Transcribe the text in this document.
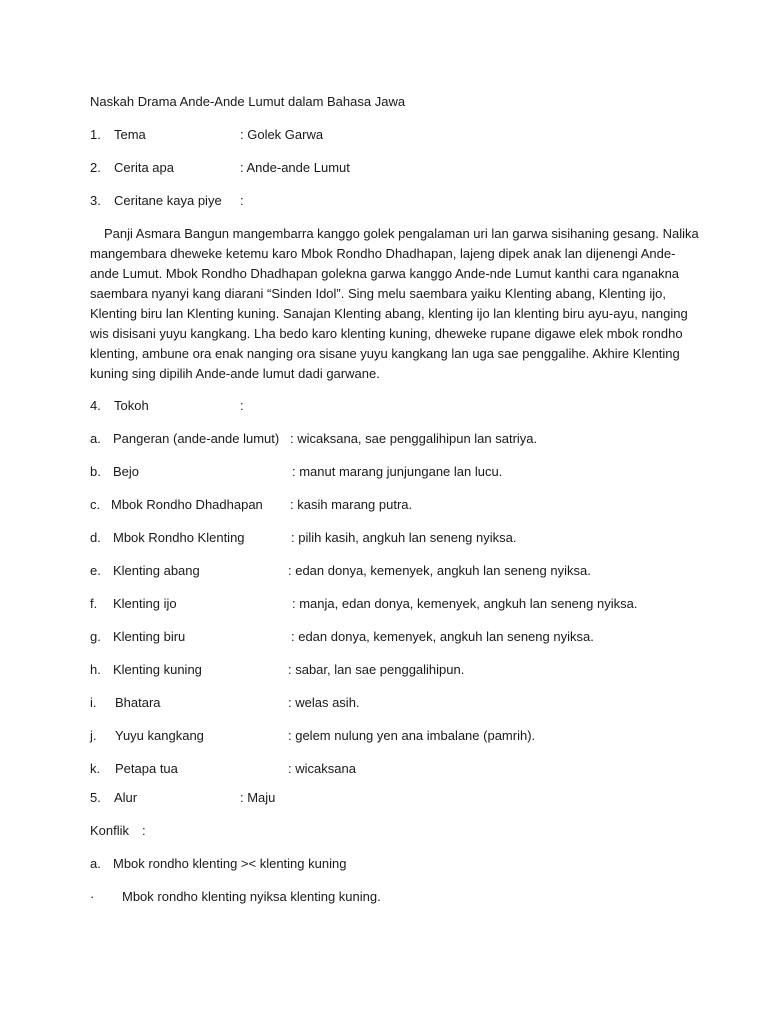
Naskah Drama Ande-Ande Lumut dalam Bahasa Jawa
1. Tema	: Golek Garwa
2. Cerita apa	: Ande-ande Lumut
3. Ceritane kaya piye :
Panji Asmara Bangun mangembarra kanggo golek pengalaman uri lan garwa sisihaning gesang. Nalika
mangembara dheweke ketemu karo Mbok Rondho Dhadhapan, lajeng dipek anak lan dijenengi Ande-
ande Lumut. Mbok Rondho Dhadhapan golekna garwa kanggo Ande-nde Lumut kanthi cara nganakna
saembara nyanyi kang diarani “Sinden Idol”. Sing melu saembara yaiku Klenting abang, Klenting ijo,
Klenting biru lan Klenting kuning. Sanajan Klenting abang, klenting ijo lan klenting biru ayu-ayu, nanging
wis disisani yuyu kangkang. Lha bedo karo klenting kuning, dheweke rupane digawe elek mbok rondho
klenting, ambune ora enak nanging ora sisane yuyu kangkang lan uga sae penggalihe. Akhire Klenting
kuning sing dipilih Ande-ande lumut dadi garwane.
4. Tokoh	:
a. Pangeran (ande-ande lumut) : wicaksana, sae penggalihipun lan satriya.
b. Bejo	: manut marang junjungane lan lucu.
c. Mbok Rondho Dhadhapan : kasih marang putra.
d. Mbok Rondho Klenting	: pilih kasih, angkuh lan seneng nyiksa.
e. Klenting abang	: edan donya, kemenyek, angkuh lan seneng nyiksa.
f. Klenting ijo	: manja, edan donya, kemenyek, angkuh lan seneng nyiksa.
g. Klenting biru	: edan donya, kemenyek, angkuh lan seneng nyiksa.
h. Klenting kuning	: sabar, lan sae penggalihipun.
i. Bhatara	: welas asih.
j. Yuyu kangkang	: gelem nulung yen ana imbalane (pamrih).
k. Petapa tua	: wicaksana
5. Alur	: Maju
Konflik :
a. Mbok rondho klenting >< klenting kuning
· Mbok rondho klenting nyiksa klenting kuning.
